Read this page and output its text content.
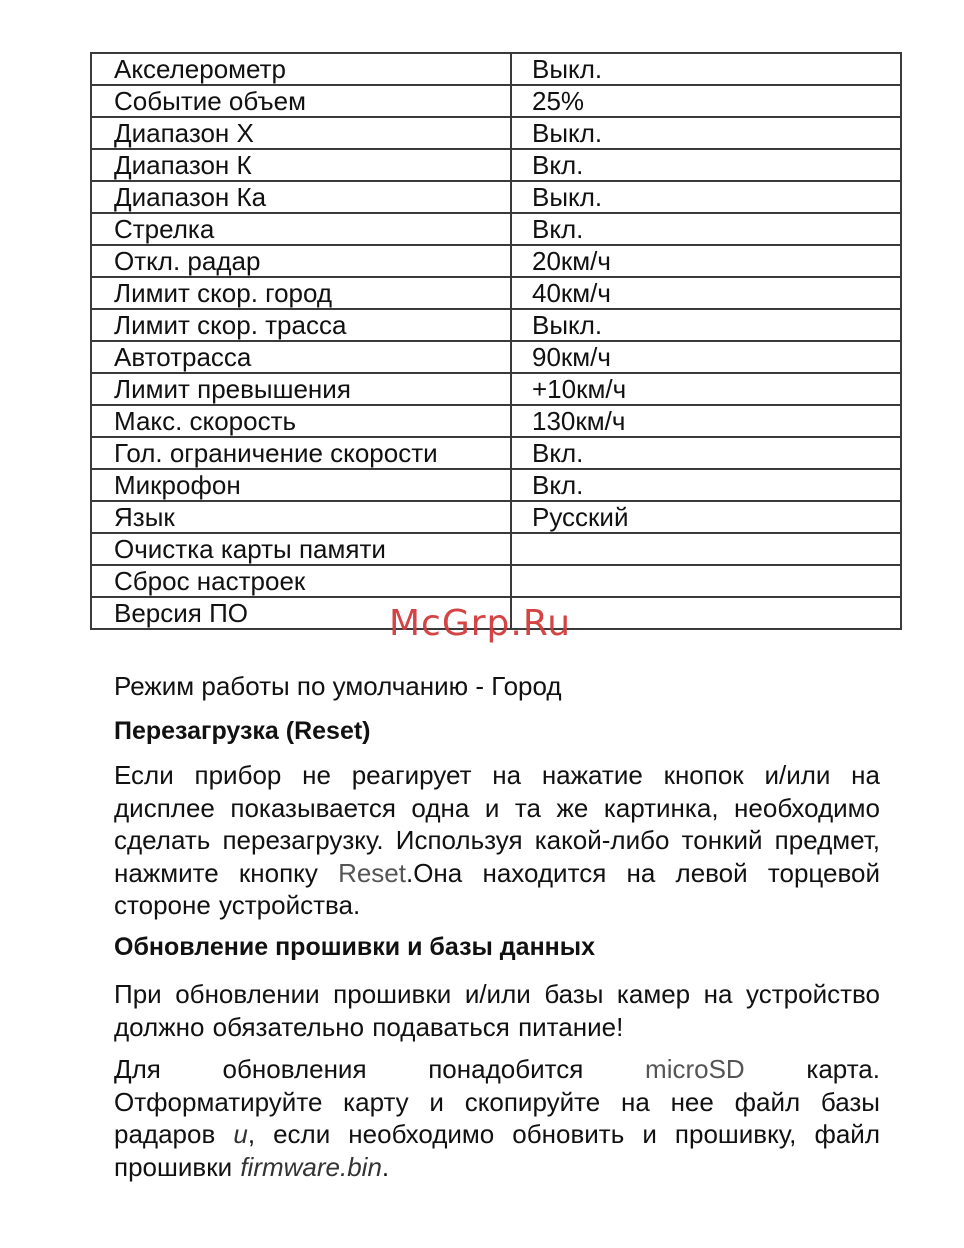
Акселерометр	Выкл.
Событие объем	25%
Диапазон X	Выкл.
Диапазон К	Вкл.
Диапазон Ка	Выкл.
Стрелка	Вкл.
Откл. радар	20км/ч
Лимит скор. город	40км/ч
Лимит скор. трасса	Выкл.
Автотрасса	90км/ч
Лимит превышения	+10км/ч
Макс. скорость	130км/ч
Гол. ограничение скорости	Вкл.
Микрофон	Вкл.
Язык	Русский
Очистка карты памяти	
Сброс настроек	
Версия ПО	
Режим работы по умолчанию - Город
Перезагрузка (Reset)

Если прибор не реагирует на нажатие кнопок и/или на дисплее показывается одна и та же картинка, необходимо сделать перезагрузку. Используя какой-либо тонкий предмет, нажмите кнопку Reset.Она находится на левой торцевой стороне устройства.

Обновление прошивки и базы данных

При обновлении прошивки и/или базы камер на устройство должно обязательно подаваться питание!

Для обновления понадобится microSD карта. Отформатируйте карту и скопируйте на нее файл базы радаров и, если необходимо обновить и прошивку, файл прошивки firmware.bin.

McGrp.Ru
